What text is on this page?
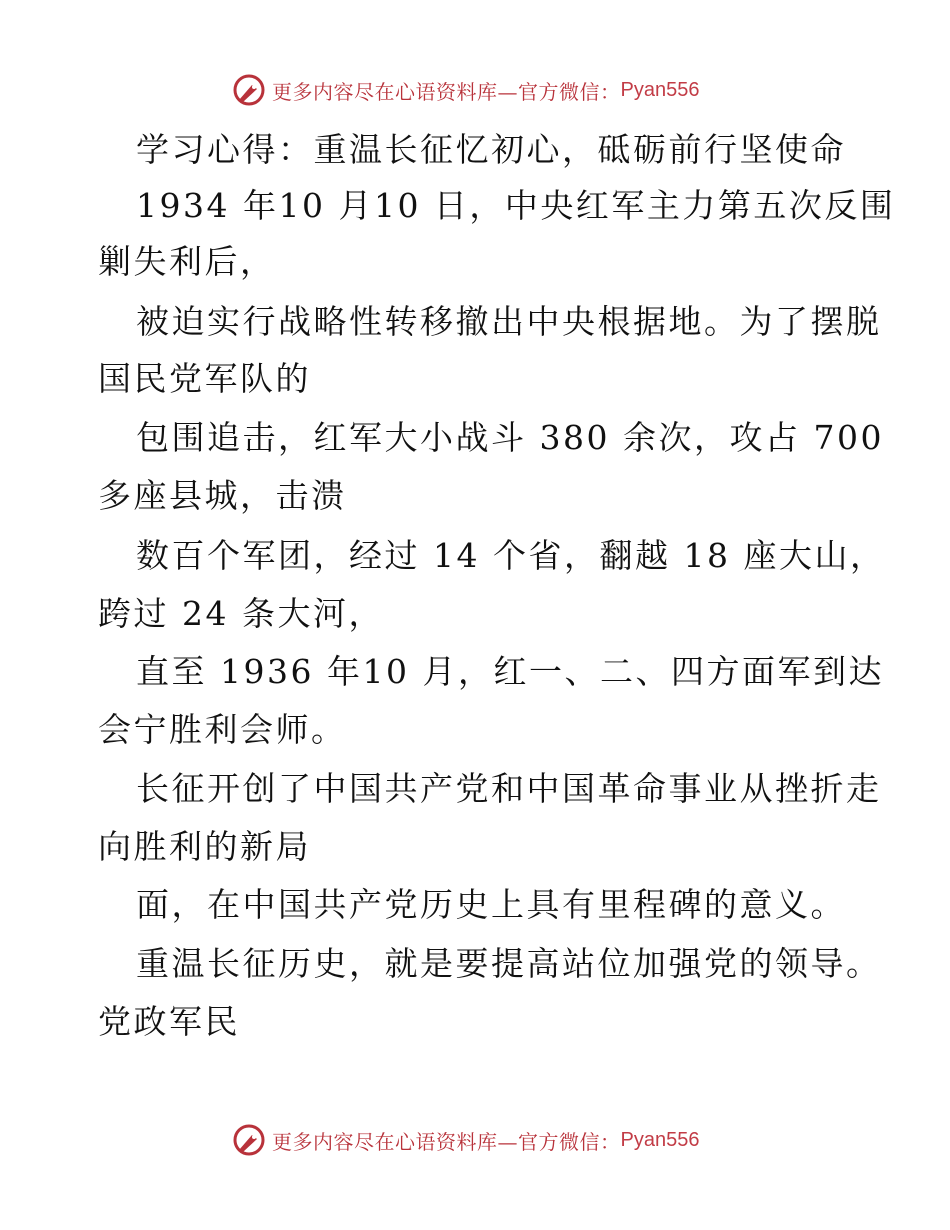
更多内容尽在心语资料库—官方微信： Pyan556
学习心得：重温长征忆初心，砥砺前行坚使命
1934 年10 月10 日，中央红军主力第五次反围
剿失利后，
被迫实行战略性转移撤出中央根据地。为了摆脱
国民党军队的
包围追击，红军大小战斗 380 余次，攻占 700
多座县城，击溃
数百个军团，经过 14 个省，翻越 18 座大山，
跨过 24 条大河，
直至 1936 年10 月，红一、二、四方面军到达
会宁胜利会师。
长征开创了中国共产党和中国革命事业从挫折走
向胜利的新局
面，在中国共产党历史上具有里程碑的意义。
重温长征历史，就是要提高站位加强党的领导。
党政军民
更多内容尽在心语资料库—官方微信： Pyan556
